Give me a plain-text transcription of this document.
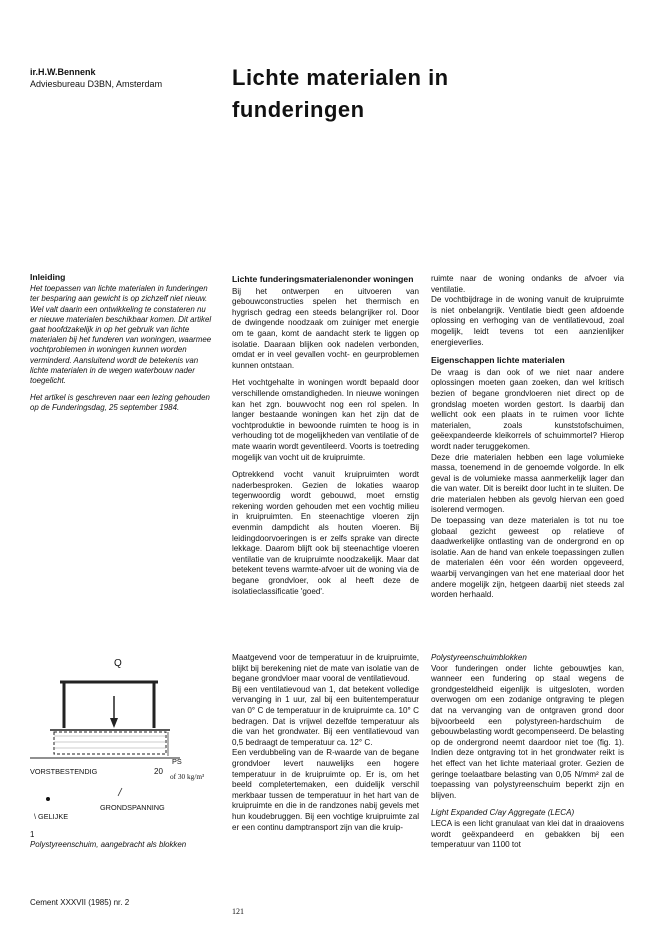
ir.H.W.Bennenk
Adviesbureau D3BN, Amsterdam	Lichte materialen in
funderingen
Inleiding

Het toepassen van lichte materialen in funderingen ter besparing aan gewicht is op zichzelf niet nieuw. Wel valt daarin een ontwikkeling te constateren nu er nieuwe materialen beschikbaar komen. Dit artikel gaat hoofdzakelijk in op het gebruik van lichte materialen bij het funderen van woningen, waarmee vochtproblemen in woningen kunnen worden verminderd. Aansluitend wordt de betekenis van lichte materialen in de wegen waterbouw nader toegelicht.

Het artikel is geschreven naar een lezing gehouden op de Funderingsdag, 25 september 1984.

Lichte funderingsmaterialenonder woningen

Bij het ontwerpen en uitvoeren van gebouwconstructies spelen het thermisch en hygrisch gedrag een steeds belangrijker rol. Door de dwingende noodzaak om zuiniger met energie om te gaan, komt de aandacht sterk te liggen op isolatie. Daaraan blijken ook nadelen verbonden, omdat er in veel gevallen vocht- en geurproblemen kunnen ontstaan.

Het vochtgehalte in woningen wordt bepaald door verschillende omstandigheden. In nieuwe woningen kan het zgn. bouwvocht nog een rol spelen. In langer bestaande woningen kan het zijn dat de vochtproduktie in bewoonde ruimten te hoog is in verhouding tot de mogelijkheden van ventilatie of de mate waarin wordt geventileerd. Voorts is toetreding mogelijk van vocht uit de kruipruimte.

Optrekkend vocht vanuit kruipruimten wordt naderbesproken. Gezien de lokaties waarop tegenwoordig wordt gebouwd, moet ernstig rekening worden gehouden met een vochtig milieu in kruipruimten. En steenachtige vloeren zijn evenmin dampdicht als houten vloeren. Bij leidingdoorvoeringen is er zelfs sprake van directe lekkage. Daarom blijft ook bij steenachtige vloeren ventilatie van de kruipruimte noodzakelijk. Maar dat betekent tevens warmte-afvoer uit de woning via de begane grondvloer, ook al heeft deze de isolatieclassificatie 'goed'.

Maatgevend voor de temperatuur in de kruipruimte, blijkt bij berekening niet de mate van isolatie van de begane grondvloer maar vooral de ventilatievoud.

Bij een ventilatievoud van 1, dat betekent volledige vervanging in 1 uur, zal bij een buitentemperatuur van 0° C de temperatuur in de kruipruimte ca. 10° C bedragen. Dat is vrijwel dezelfde temperatuur als die van het grondwater. Bij een ventilatievoud van 0,5 bedraagt de temperatuur ca. 12° C.

Een verdubbeling van de R-waarde van de begane grondvloer levert nauwelijks een hogere temperatuur in de kruipruimte op. Er is, om het beeld completertemaken, een duidelijk verschil merkbaar tussen de temperatuur in het hart van de kruipruimte en die in de randzones nabij gevels met hun koudebruggen. Bij een vochtige kruipruimte zal er een continu damptransport zijn van die kruip-

ruimte naar de woning ondanks de afvoer via ventilatie.

De vochtbijdrage in de woning vanuit de kruipruimte is niet onbelangrijk. Ventilatie biedt geen afdoende oplossing en verhoging van de ventilatievoud, zoal mogelijk, leidt tevens tot een aanzienlijker energieverlies.

Eigenschappen lichte materialen

De vraag is dan ook of we niet naar andere oplossingen moeten gaan zoeken, dan wel kritisch bezien of begane grondvloeren niet direct op de grondslag moeten worden gestort. Is daarbij dan wellicht ook een plaats in te ruimen voor lichte materialen, zoals kunststofschuimen, geëexpandeerde kleikorrels of schuimmortel? Hierop wordt nader teruggekomen.

Deze drie materialen hebben een lage volumieke massa, toenemend in de genoemde volgorde. In elk geval is de volumieke massa aanmerkelijk lager dan die van water. Dit is bereikt door lucht in te sluiten. De drie materialen hebben als gevolg hiervan een goed isolerend vermogen.

De toepassing van deze materialen is tot nu toe globaal gezicht geweest op relatieve of daadwerkelijke ontlasting van de ondergrond en op isolatie. Aan de hand van enkele toepassingen zullen de materialen één voor één worden opgeveerd, waarbij vervangingen van het ene materiaal door het andere mogelijk zijn, hetgeen daarbij niet steeds zal worden herhaald.

Polystyreenschuimblokken

Voor funderingen onder lichte gebouwtjes kan, wanneer een fundering op staal wegens de grondgesteldheid eigenlijk is uitgesloten, worden overwogen om een zodanige ontgraving te plegen dat na vervanging van de ontgraven grond door bijvoorbeeld een polystyreen-hardschuim de gebouwbelasting wordt gecompenseerd. De belasting op de ondergrond neemt daardoor niet toe (fig. 1). Indien deze ontgraving tot in het grondwater reikt is het effect van het lichte materiaal groter. Gezien de geringe toelaatbare belasting van 0,05 N/mm² zal de toepassing van polystyreenschuim beperkt zijn en blijven.

Light Expanded C/ay Aggregate (LECA)

LECA is een licht granulaat van klei dat in draaiovens wordt geëxpandeerd en gebakken bij een temperatuur van 1100 tot

Q
PS
VORSTBESTENDIG	20
of 30 kg/m³
GRONDSPANNING
\ GELIJKE
1
Polystyreenschuim, aangebracht als blokken
Cement XXXVII (1985) nr. 2
121
